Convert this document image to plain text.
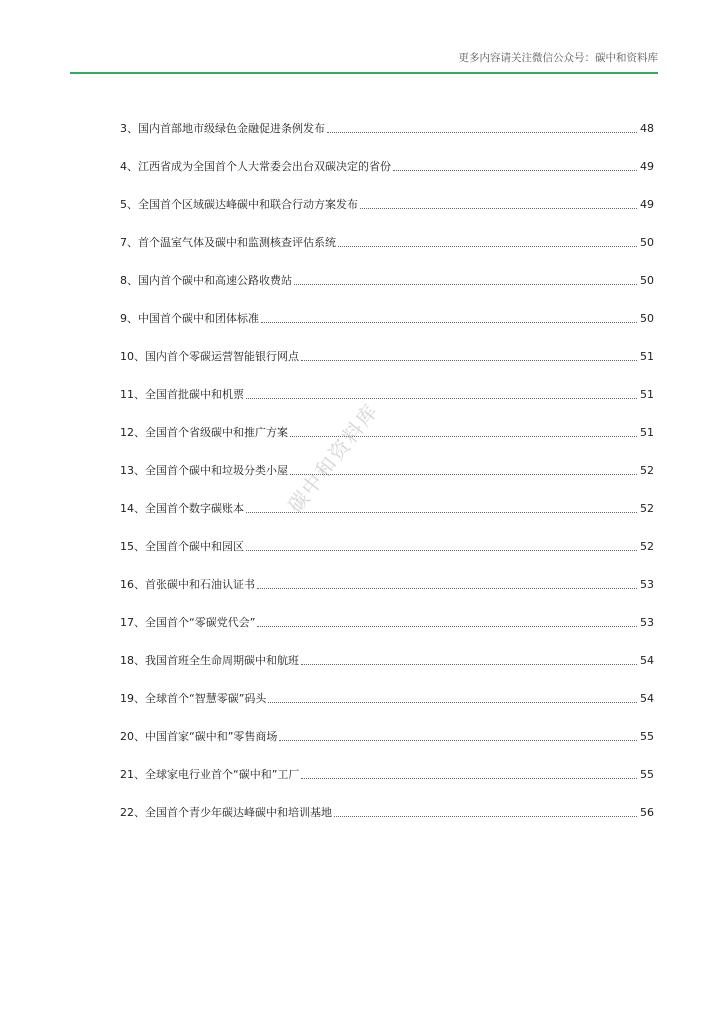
更多内容请关注微信公众号：碳中和资料库
3、 国内首部地市级绿色金融促进条例发布	48
4、 江西省成为全国首个人大常委会出台双碳决定的省份	49
5、 全国首个区域碳达峰碳中和联合行动方案发布	49
7、 首个温室气体及碳中和监测核查评估系统	50
8、 国内首个碳中和高速公路收费站	50
9、 中国首个碳中和团体标准	50
10、 国内首个零碳运营智能银行网点	51
11、 全国首批碳中和机票	51
12、 全国首个省级碳中和推广方案	51
13、 全国首个碳中和垃圾分类小屋	52
14、 全国首个数字碳账本	52
15、 全国首个碳中和园区	52
16、 首张碳中和石油认证书	53
17、 全国首个“零碳党代会”	53
18、 我国首班全生命周期碳中和航班	54
19、 全球首个“智慧零碳”码头	54
20、 中国首家“碳中和”零售商场	55
21、 全球家电行业首个“碳中和”工厂	55
22、 全国首个青少年碳达峰碳中和培训基地	56
碳中和资料库
